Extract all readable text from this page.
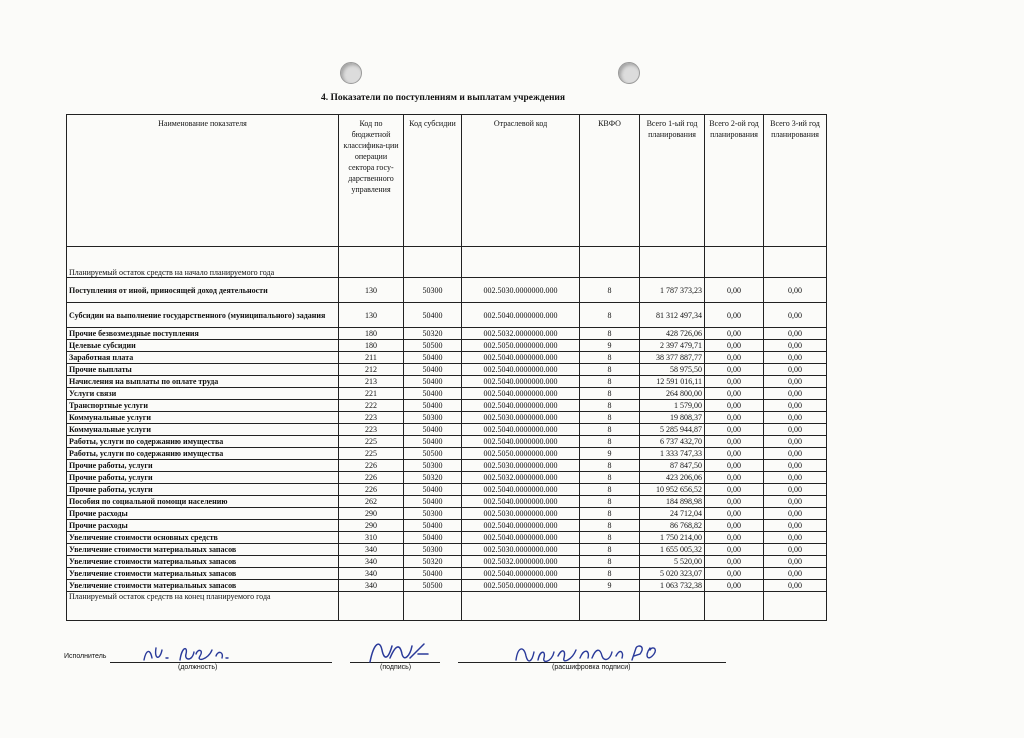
4. Показатели по поступлениям и выплатам учреждения
Наименование показателя	Код по бюджетной классифика-ции операции сектора госу-дарственного управления	Код субсидии	Отраслевой код	КВФО	Всего 1-ый год планирования	Всего 2-ой год планирования	Всего 3-ий год планирования
Планируемый остаток средств на начало планируемого года							
Поступления от иной, приносящей доход деятельности	130	50300	002.5030.0000000.000	8	1 787 373,23	0,00	0,00
Субсидии на выполнение государственного (муниципального) задания	130	50400	002.5040.0000000.000	8	81 312 497,34	0,00	0,00
Прочие безвозмездные поступления	180	50320	002.5032.0000000.000	8	428 726,06	0,00	0,00
Целевые субсидии	180	50500	002.5050.0000000.000	9	2 397 479,71	0,00	0,00
Заработная плата	211	50400	002.5040.0000000.000	8	38 377 887,77	0,00	0,00
Прочие выплаты	212	50400	002.5040.0000000.000	8	58 975,50	0,00	0,00
Начисления на выплаты по оплате труда	213	50400	002.5040.0000000.000	8	12 591 016,11	0,00	0,00
Услуги связи	221	50400	002.5040.0000000.000	8	264 800,00	0,00	0,00
Транспортные услуги	222	50400	002.5040.0000000.000	8	1 579,00	0,00	0,00
Коммунальные услуги	223	50300	002.5030.0000000.000	8	19 808,37	0,00	0,00
Коммунальные услуги	223	50400	002.5040.0000000.000	8	5 285 944,87	0,00	0,00
Работы, услуги по содержанию имущества	225	50400	002.5040.0000000.000	8	6 737 432,70	0,00	0,00
Работы, услуги по содержанию имущества	225	50500	002.5050.0000000.000	9	1 333 747,33	0,00	0,00
Прочие работы, услуги	226	50300	002.5030.0000000.000	8	87 847,50	0,00	0,00
Прочие работы, услуги	226	50320	002.5032.0000000.000	8	423 206,06	0,00	0,00
Прочие работы, услуги	226	50400	002.5040.0000000.000	8	10 952 656,52	0,00	0,00
Пособия по социальной помощи населению	262	50400	002.5040.0000000.000	8	184 898,98	0,00	0,00
Прочие расходы	290	50300	002.5030.0000000.000	8	24 712,04	0,00	0,00
Прочие расходы	290	50400	002.5040.0000000.000	8	86 768,82	0,00	0,00
Увеличение стоимости основных средств	310	50400	002.5040.0000000.000	8	1 750 214,00	0,00	0,00
Увеличение стоимости материальных запасов	340	50300	002.5030.0000000.000	8	1 655 005,32	0,00	0,00
Увеличение стоимости материальных запасов	340	50320	002.5032.0000000.000	8	5 520,00	0,00	0,00
Увеличение стоимости материальных запасов	340	50400	002.5040.0000000.000	8	5 020 323,07	0,00	0,00
Увеличение стоимости материальных запасов	340	50500	002.5050.0000000.000	9	1 063 732,38	0,00	0,00
Планируемый остаток средств на конец планируемого года							
Исполнитель
(должность)	(подпись)	(расшифровка подписи)
